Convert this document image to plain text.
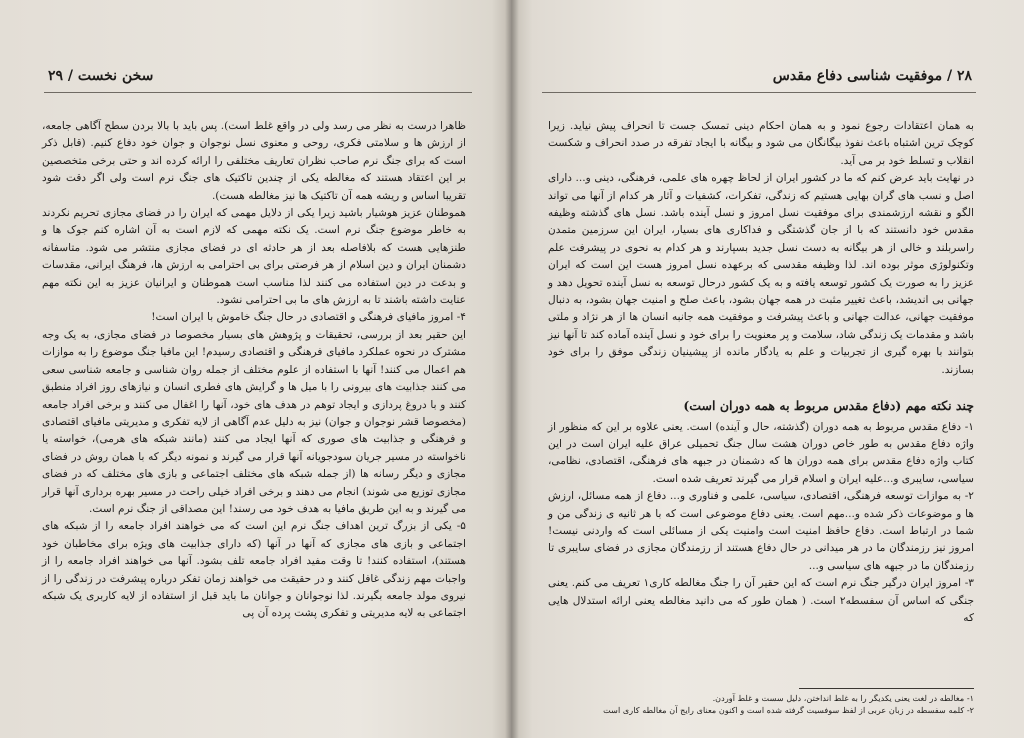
سخن نخست / ۲۹

ظاهرا درست به نظر می رسد ولی در واقع غلط است). پس باید با بالا بردن سطح آگاهی جامعه، از ارزش ها و سلامتی فکری، روحی و معنوی نسل نوجوان و جوان خود دفاع کنیم. (قابل ذکر است که برای جنگ نرم صاحب نظران تعاریف مختلفی را ارائه کرده اند و حتی برخی متخصصین بر این اعتقاد هستند که مغالطه یکی از چندین تاکتیک های جنگ نرم است ولی اگر دقت شود تقریبا اساس و ریشه همه آن تاکتیک ها نیز مغالطه هست).

هموطنان عزیز هوشیار باشید زیرا یکی از دلایل مهمی که ایران را در فضای مجازی تحریم نکردند به خاطر موضوع جنگ نرم است. یک نکته مهمی که لازم است به آن اشاره کنم جوک ها و طنزهایی هست که بلافاصله بعد از هر حادثه ای در فضای مجازی منتشر می شود. متاسفانه دشمنان ایران و دین اسلام از هر فرصتی برای بی احترامی به ارزش ها، فرهنگ ایرانی، مقدسات و بدعت در دین استفاده می کنند لذا مناسب است هموطنان و ایرانیان عزیز به این نکته مهم عنایت داشته باشند تا به ارزش های ما بی احترامی نشود.

۴- امروز مافیای فرهنگی و اقتصادی در حال جنگ خاموش با ایران است!

این حقیر بعد از بررسی، تحقیقات و پژوهش های بسیار مخصوصا در فضای مجازی، به یک وجه مشترک در نحوه عملکرد مافیای فرهنگی و اقتصادی رسیدم! این مافیا جنگ موضوع را به موازات هم اعمال می کنند! آنها با استفاده از علوم مختلف از جمله روان شناسی و جامعه شناسی سعی می کنند جذابیت های بیرونی را با میل ها و گرایش های فطری انسان و نیازهای روز افراد منطبق کنند و با دروغ پردازی و ایجاد توهم در هدف های خود، آنها را اغفال می کنند و برخی افراد جامعه (مخصوصا قشر نوجوان و جوان) نیز به دلیل عدم آگاهی از لایه تفکری و مدیریتی مافیای اقتصادی و فرهنگی و جذابیت های صوری که آنها ایجاد می کنند (مانند شبکه های هرمی)، خواسته یا ناخواسته در مسیر جریان سودجویانه آنها قرار می گیرند و نمونه دیگر که با همان روش در فضای مجازی و دیگر رسانه ها (از جمله شبکه های مختلف اجتماعی و بازی های مختلف که در فضای مجازی توزیع می شوند) انجام می دهند و برخی افراد خیلی راحت در مسیر بهره برداری آنها قرار می گیرند و به این طریق مافیا به هدف خود می رسند! این مصداقی از جنگ نرم است.

۵- یکی از بزرگ ترین اهداف جنگ نرم این است که می خواهند افراد جامعه را از شبکه های اجتماعی و بازی های مجازی که آنها در آنها (که دارای جذابیت های ویژه برای مخاطبان خود هستند)، استفاده کنند! تا وقت مفید افراد جامعه تلف بشود. آنها می خواهند افراد جامعه را از واجبات مهم زندگی غافل کنند و در حقیقت می خواهند زمان تفکر درباره پیشرفت در زندگی را از نیروی مولد جامعه بگیرند. لذا نوجوانان و جوانان ما باید قبل از استفاده از لایه کاربری یک شبکه اجتماعی به لایه مدیریتی و تفکری پشت پرده آن پی

۲۸ / موفقیت شناسی دفاع مقدس

به همان اعتقادات رجوع نمود و به همان احکام دینی تمسک جست تا انحراف پیش نیاید. زیرا کوچک ترین اشتباه باعث نفوذ بیگانگان می شود و بیگانه با ایجاد تفرقه در صدد انحراف و شکست انقلاب و تسلط خود بر می آید.

در نهایت باید عرض کنم که ما در کشور ایران از لحاظ چهره های علمی، فرهنگی، دینی و... دارای اصل و نسب های گران بهایی هستیم که زندگی، تفکرات، کشفیات و آثار هر کدام از آنها می تواند الگو و نقشه ارزشمندی برای موفقیت نسل امروز و نسل آینده باشد. نسل های گذشته وظیفه مقدس خود دانستند که با از جان گذشتگی و فداکاری های بسیار، ایران این سرزمین متمدن راسربلند و خالی از هر بیگانه به دست نسل جدید بسپارند و هر کدام به نحوی در پیشرفت علم وتکنولوژی موثر بوده اند. لذا وظیفه مقدسی که برعهده نسل امروز هست این است که ایران عزیز را به صورت یک کشور توسعه یافته و به یک کشور درحال توسعه به نسل آینده تحویل دهد و جهانی بی اندیشد، باعث تغییر مثبت در همه جهان بشود، باعث صلح و امنیت جهان بشود، به دنبال موفقیت جهانی، عدالت جهانی و باعث پیشرفت و موفقیت همه جانبه انسان ها از هر نژاد و ملتی باشد و مقدمات یک زندگی شاد، سلامت و پر معنویت را برای خود و نسل آینده آماده کند تا آنها نیز بتوانند با بهره گیری از تجربیات و علم به یادگار مانده از پیشینیان زندگی موفق را برای خود بسازند.

چند نکته مهم (دفاع مقدس مربوط به همه دوران است)

۱- دفاع مقدس مربوط به همه دوران (گذشته، حال و آینده) است. یعنی علاوه بر این که منظور از واژه دفاع مقدس به طور خاص دوران هشت سال جنگ تحمیلی عراق علیه ایران است در این کتاب واژه دفاع مقدس برای همه دوران ها که دشمنان در جبهه های فرهنگی، اقتصادی، نظامی، سیاسی، سایبری و...علیه ایران و اسلام قرار می گیرند تعریف شده است.

۲- به موازات توسعه فرهنگی، اقتصادی، سیاسی، علمی و فناوری و... دفاع از همه مسائل، ارزش ها و موضوعات ذکر شده و...مهم است. یعنی دفاع موضوعی است که با هر ثانیه ی زندگی من و شما در ارتباط است. دفاع حافظ امنیت است وامنیت یکی از مسائلی است که واردنی نیست! امروز نیز رزمندگان ما در هر میدانی در حال دفاع هستند از رزمندگان مجازی در فضای سایبری تا رزمندگان ما در جبهه های سیاسی و...

۳- امروز ایران درگیر جنگ نرم است که این حقیر آن را جنگ مغالطه کاری۱ تعریف می کنم. یعنی جنگی که اساس آن سفسطه۲ است. ( همان طور که می دانید مغالطه یعنی ارائه استدلال هایی که

۱- مغالطه در لغت یعنی یکدیگر را به غلط انداختن، دلیل سست و غلط آوردن.

۲- کلمه سفسطه در زبان عربی از لفظ سوفسیت گرفته شده است و اکنون معنای رایج آن مغالطه کاری است
